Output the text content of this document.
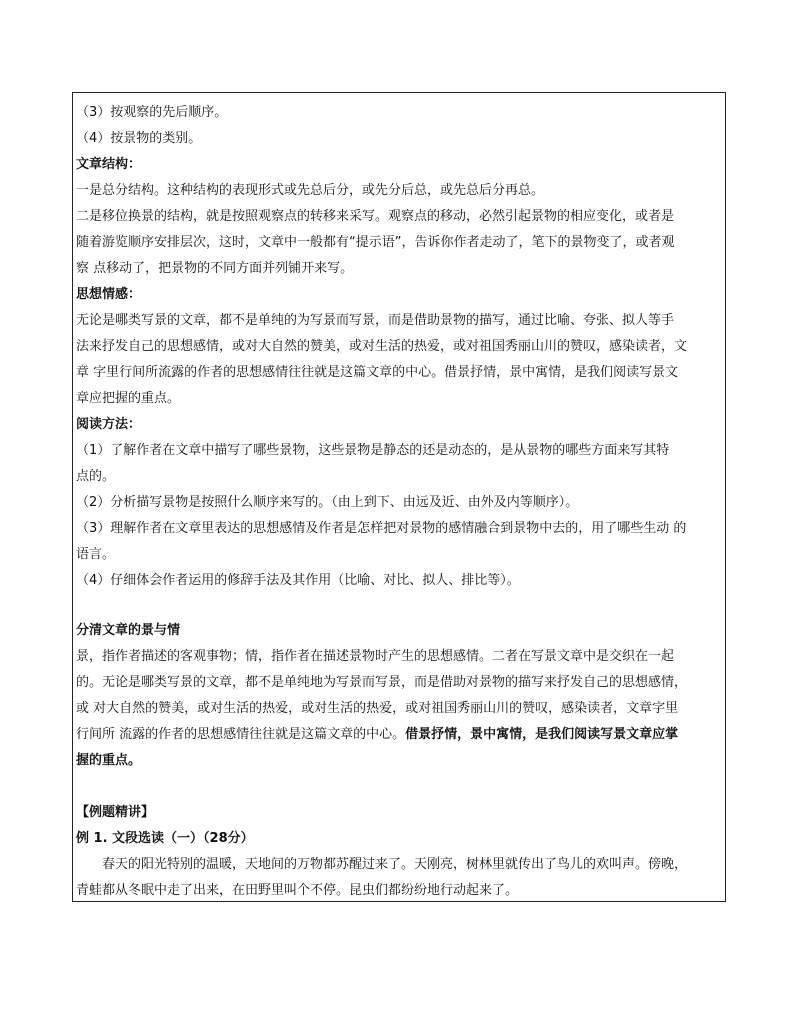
（3）按观察的先后顺序。
（4）按景物的类别。
文章结构：
一是总分结构。这种结构的表现形式或先总后分，或先分后总，或先总后分再总。
二是移位换景的结构，就是按照观察点的转移来采写。观察点的移动，必然引起景物的相应变化，或者是
随着游览顺序安排层次，这时，文章中一般都有“提示语”，告诉你作者走动了，笔下的景物变了，或者观
察 点移动了，把景物的不同方面并列铺开来写。
思想情感：
无论是哪类写景的文章，都不是单纯的为写景而写景，而是借助景物的描写，通过比喻、夸张、拟人等手
法来抒发自己的思想感情，或对大自然的赞美，或对生活的热爱，或对祖国秀丽山川的赞叹，感染读者，文
章 字里行间所流露的作者的思想感情往往就是这篇文章的中心。借景抒情，景中寓情，是我们阅读写景文
章应把握的重点。
阅读方法：
（1）了解作者在文章中描写了哪些景物，这些景物是静态的还是动态的，是从景物的哪些方面来写其特
点的。
（2）分析描写景物是按照什么顺序来写的。（由上到下、由远及近、由外及内等顺序）。
（3）理解作者在文章里表达的思想感情及作者是怎样把对景物的感情融合到景物中去的，用了哪些生动 的
语言。
（4）仔细体会作者运用的修辞手法及其作用（比喻、对比、拟人、排比等）。
分清文章的景与情
景，指作者描述的客观事物；情，指作者在描述景物时产生的思想感情。二者在写景文章中是交织在一起
的。无论是哪类写景的文章，都不是单纯地为写景而写景，而是借助对景物的描写来抒发自己的思想感情，
或 对大自然的赞美，或对生活的热爱，或对生活的热爱，或对祖国秀丽山川的赞叹，感染读者，文章字里
行间所 流露的作者的思想感情往往就是这篇文章的中心。借景抒情，景中寓情，是我们阅读写景文章应掌
握的重点。
【例题精讲】
例 1. 文段选读（一）（28分）
春天的阳光特别的温暖，天地间的万物都苏醒过来了。天刚亮，树林里就传出了鸟儿的欢叫声。傍晚，
青蛙都从冬眠中走了出来，在田野里叫个不停。昆虫们都纷纷地行动起来了。
